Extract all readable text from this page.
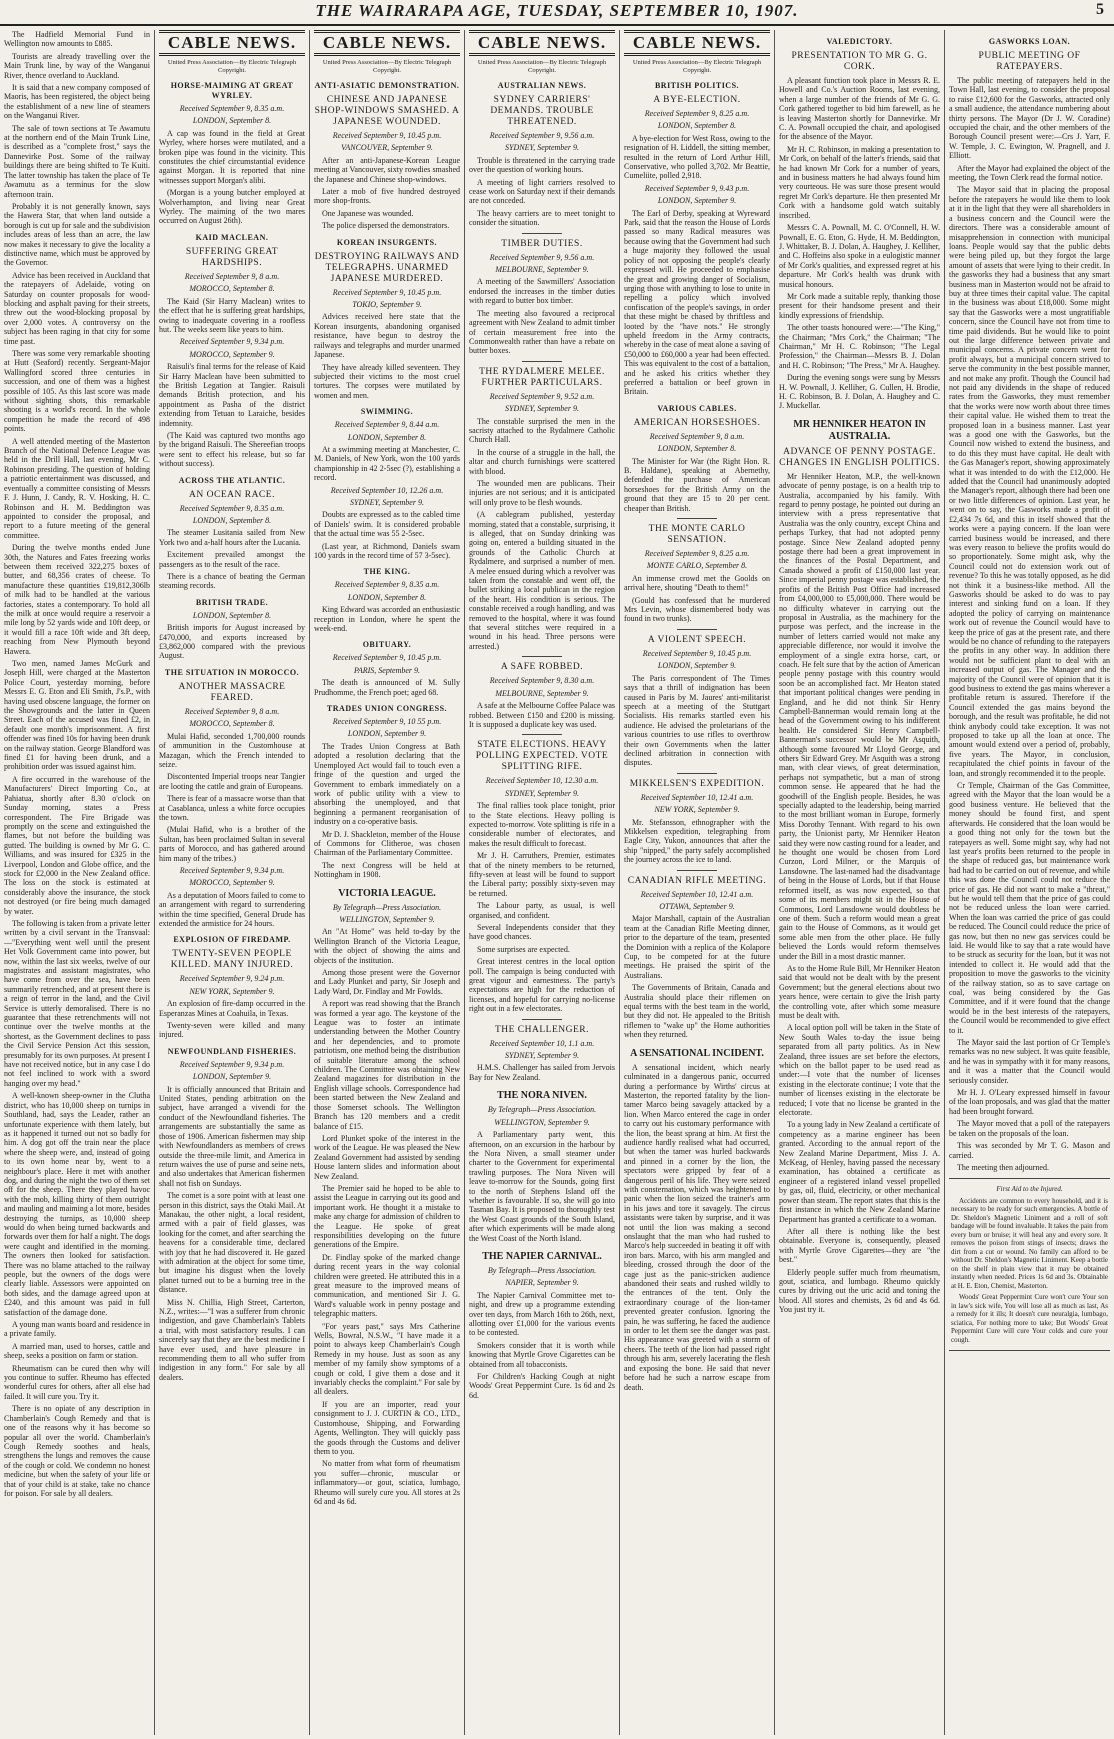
THE WAIRARAPA AGE, TUESDAY, SEPTEMBER 10, 1907.	5

The Hadfield Memorial Fund in Wellington now amounts to £885.

Tourists are already travelling over the Main Trunk line, by way of the Wanganui River, thence overland to Auckland.

It is said that a new company composed of Maoris, has been registered, the object being the establishment of a new line of steamers on the Wanganui River.

The sale of town sections at Te Awamutu at the northern end of the Main Trunk Line, is described as a "complete frost," says the Dannevirke Post. Some of the railway buildings there are being shifted to Te Kuiti. The latter township has taken the place of Te Awamutu as a terminus for the slow afternoon train.

Probably it is not generally known, says the Hawera Star, that when land outside a borough is cut up for sale and the subdivision includes areas of less than an acre, the law now makes it necessary to give the locality a distinctive name, which must be approved by the Governor.

Advice has been received in Auckland that the ratepayers of Adelaide, voting on Saturday on counter proposals for wood-blocking and asphalt paving for their streets, threw out the wood-blocking proposal by over 2,000 votes. A controversy on the subject has been raging in that city for some time past.

There was some very remarkable shooting at Hutt (Seaford) recently. Sergeant-Major Wallingford scored three centuries in succession, and one of them was a highest possible of 105. As this last score was made without sighting shots, this remarkable shooting is a world's record. In the whole competition he made the record of 498 points.

A well attended meeting of the Masterton Branch of the National Defence League was held in the Drill Hall, last evening, Mr C. Robinson presiding. The question of holding a patriotic entertainment was discussed, and eventually a committee consisting of Messrs F. J. Hunn, J. Candy, R. V. Hosking, H. C. Robinson and H. M. Beddington was appointed to consider the proposal, and report to a future meeting of the general committee.

During the twelve months ended June 30th, the Natures and Fates freezing works between them received 322,275 boxes of butter, and 68,356 crates of cheese. To manufacture these quantities £19,812,306lb of milk had to be handled at the various factories, states a contemporary. To hold all the milk at once would require a reservoir a mile long by 52 yards wide and 10ft deep, or it would fill a race 10ft wide and 3ft deep, reaching from New Plymouth beyond Hawera.

Two men, named James McGurk and Joseph Hill, were charged at the Masterton Police Court, yesterday morning, before Messrs E. G. Eton and Eli Smith, J's.P., with having used obscene language, the former on the Showgrounds and the latter in Queen Street. Each of the accused was fined £2, in default one month's imprisonment. A first offender was fined 10s for having been drunk on the railway station. George Blandford was fined £1 for having been drunk, and a prohibition order was issued against him.

A fire occurred in the warehouse of the Manufacturers' Direct Importing Co., at Pahiatua, shortly after 8.30 o'clock on Sunday morning, states a Press correspondent. The Fire Brigade was promptly on the scene and extinguished the flames, but not before the building was gutted. The building is owned by Mr G. C. Williams, and was insured for £325 in the Liverpool, London and Globe office, and the stock for £2,000 in the New Zealand office. The loss on the stock is estimated at considerably above the insurance, the stock not destroyed (or fire being much damaged by water.

The following is taken from a private letter written by a civil servant in the Transvaal:—"Everything went well until the present Het Volk Government came into power, but now, within the last six weeks, twelve of our magistrates and assistant magistrates, who have come from over the sea, have been summarily retrenched, and at present there is a reign of terror in the land, and the Civil Service is utterly demoralised. There is no guarantee that these retrenchments will not continue over the twelve months at the shortest, as the Government declines to pass the Civil Service Pension Act this session, presumably for its own purposes. At present I have not received notice, but in any case I do not feel inclined to work with a sword hanging over my head."

A well-known sheep-owner in the Clutha district, who has 10,000 sheep on turnips in Southland, had, says the Leader, rather an unfortunate experience with them lately, but as it happened it turned out not so badly for him. A dog got off the train near the place where the sheep were, and, instead of going to its own home near by, went to a neighbour's place. Here it met with another dog, and during the night the two of them set off for the sheep. There they played havoc with the mob, killing thirty of them outright and mauling and maiming a lot more, besides destroying the turnips, as 10,000 sheep would do when being turned backwards and forwards over them for half a night. The dogs were caught and identified in the morning. The owners then looked for satisfaction. There was no blame attached to the railway people, but the owners of the dogs were clearly liable. Assessors were appointed on both sides, and the damage agreed upon at £240, and this amount was paid in full satisfaction of the damage done.

A young man wants board and residence in a private family.

A married man, used to horses, cattle and sheep, seeks a position on farm or station.

Rheumatism can be cured then why will you continue to suffer. Rheumo has effected wonderful cures for others, after all else had failed. It will cure you. Try it.

There is no opiate of any description in Chamberlain's Cough Remedy and that is one of the reasons why it has become so popular all over the world. Chamberlain's Cough Remedy soothes and heals, strengthens the lungs and removes the cause of the cough or cold. We condemn no honest medicine, but when the safety of your life or that of your child is at stake, take no chance for poison. For sale by all dealers.

CABLE NEWS.

United Press Association—By Electric Telegraph Copyright.

HORSE-MAIMING AT GREAT WYRLEY.

Received September 9, 8.35 a.m.

LONDON, September 8.

A cap was found in the field at Great Wyrley, where horses were mutilated, and a broken pipe was found in the vicinity. This constitutes the chief circumstantial evidence against Morgan. It is reported that nine witnesses support Morgan's alibi.

(Morgan is a young butcher employed at Wolverhampton, and living near Great Wyrley. The maiming of the two mares occurred on August 26th).

KAID MACLEAN.
SUFFERING GREAT HARDSHIPS.

Received September 9, 8 a.m.

MOROCCO, September 8.

The Kaid (Sir Harry Maclean) writes to the effect that he is suffering great hardships, owing to inadequate covering in a roofless hut. The weeks seem like years to him.

Received September 9, 9.34 p.m.

MOROCCO, September 9.

Raisuli's final terms for the release of Kaid Sir Harry Maclean have been submitted to the British Legation at Tangier. Raisuli demands British protection, and his appointment as Pasha of the district extending from Tetuan to Laraiche, besides indemnity.

(The Kaid was captured two months ago by the brigand Raisuli. The Shereefian troops were sent to effect his release, but so far without success).

ACROSS THE ATLANTIC.
AN OCEAN RACE.

Received September 9, 8.35 a.m.

LONDON, September 8.

The steamer Lusitania sailed from New York two and a-half hours after the Lucania.

Excitement prevailed amongst the passengers as to the result of the race.

There is a chance of beating the German steaming records.

BRITISH TRADE.

LONDON, September 8.

British imports for August increased by £470,000, and exports increased by £3,862,000 compared with the previous August.

THE SITUATION IN MOROCCO.
ANOTHER MASSACRE FEARED.

Received September 9, 8 a.m.

MOROCCO, September 8.

Mulai Hafid, seconded 1,700,000 rounds of ammunition in the Customhouse at Mazagan, which the French intended to seize.

Discontented Imperial troops near Tangier are looting the cattle and grain of Europeans.

There is fear of a massacre worse than that at Casablanca, unless a white force occupies the town.

(Mulai Hafid, who is a brother of the Sultan, has been proclaimed Sultan in several parts of Morocco, and has gathered around him many of the tribes.)

Received September 9, 9.34 p.m.

MOROCCO, September 9.

As a deputation of Moors failed to come to an arrangement with regard to surrendering within the time specified, General Drude has extended the armistice for 24 hours.

EXPLOSION OF FIREDAMP.
TWENTY-SEVEN PEOPLE KILLED. MANY INJURED.

Received September 9, 9.24 p.m.

NEW YORK, September 9.

An explosion of fire-damp occurred in the Esperanzas Mines at Coahuila, in Texas.

Twenty-seven were killed and many injured.

NEWFOUNDLAND FISHERIES.

Received September 9, 9.34 p.m.

LONDON, September 9.

It is officially announced that Britain and United States, pending arbitration on the subject, have arranged a vivendi for the conduct of the Newfoundland fisheries. The arrangements are substantially the same as those of 1906. American fishermen may ship with Newfoundlanders as members of crews outside the three-mile limit, and America in return waives the use of purse and seine nets, and also undertakes that American fishermen shall not fish on Sundays.

The comet is a sore point with at least one person in this district, says the Otaki Mail. At Manakau, the other night, a local resident, armed with a pair of field glasses, was looking for the comet, and after searching the heavens for a considerable time, declared with joy that he had discovered it. He gazed with admiration at the object for some time, but imagine his disgust when the lovely planet turned out to be a burning tree in the distance.

Miss N. Chillia, High Street, Carterton, N.Z., writes:—"I was a sufferer from chronic indigestion, and gave Chamberlain's Tablets a trial, with most satisfactory results. I can sincerely say that they are the best medicine I have ever used, and have pleasure in recommending them to all who suffer from indigestion in any form." For sale by all dealers.

CABLE NEWS.

United Press Association—By Electric Telegraph Copyright.

ANTI-ASIATIC DEMONSTRATION.
CHINESE AND JAPANESE SHOP-WINDOWS SMASHED. A JAPANESE WOUNDED.

Received September 9, 10.45 p.m.

VANCOUVER, September 9.

After an anti-Japanese-Korean League meeting at Vancouver, sixty rowdies smashed the Japanese and Chinese shop-windows.

Later a mob of five hundred destroyed more shop-fronts.

One Japanese was wounded.

The police dispersed the demonstrators.

KOREAN INSURGENTS.
DESTROYING RAILWAYS AND TELEGRAPHS. UNARMED JAPANESE MURDERED.

Received September 9, 10.45 p.m.

TOKIO, September 9.

Advices received here state that the Korean insurgents, abandoning organised resistance, have begun to destroy the railways and telegraphs and murder unarmed Japanese.

They have already killed seventeen. They subjected their victims to the most cruel tortures. The corpses were mutilated by women and men.

SWIMMING.

Received September 9, 8.44 a.m.

LONDON, September 8.

At a swimming meeting at Manchester, C. M. Daniels, of New York, won the 100 yards championship in 42 2-5sec (?), establishing a record.

Received September 10, 12.26 a.m.

SYDNEY, September 9.

Doubts are expressed as to the cabled time of Daniels' swim. It is considered probable that the actual time was 55 2-5sec.

(Last year, at Richmond, Daniels swam 100 yards in the record time of 57 3-5sec).

THE KING.

Received September 9, 8.35 a.m.

LONDON, September 8.

King Edward was accorded an enthusiastic reception in London, where he spent the week-end.

OBITUARY.

Received September 9, 10.45 p.m.

PARIS, September 9.

The death is announced of M. Sully Prudhomme, the French poet; aged 68.

TRADES UNION CONGRESS.

Received September 9, 10 55 p.m.

LONDON, September 9.

The Trades Union Congress at Bath adopted a resolution declaring that the Unemployed Act would fail to touch even a fringe of the question and urged the Government to embark immediately on a work of public utility with a view to absorbing the unemployed, and that beginning a permanent reorganisation of industry on a co-operative basis.

Mr D. J. Shackleton, member of the House of Commons for Clitheroe, was chosen Chairman of the Parliamentary Committee.

The next Congress will be held at Nottingham in 1908.

VICTORIA LEAGUE.

By Telegraph—Press Association.

WELLINGTON, September 9.

An "At Home" was held to-day by the Wellington Branch of the Victoria League, with the object of showing the aims and objects of the institution.

Among those present were the Governor and Lady Plunket and party, Sir Joseph and Lady Ward, Dr. Findlay and Mr Fowlds.

A report was read showing that the Branch was formed a year ago. The keystone of the League was to foster an intimate understanding between the Mother Country and her dependencies, and to promote patriotism, one method being the distribution of suitable literature among the school children. The Committee was obtaining New Zealand magazines for distribution in the English village schools. Correspondence had been started between the New Zealand and those Somerset schools. The Wellington Branch has 120 members and a credit balance of £15.

Lord Plunket spoke of the interest in the work of the League. He was pleased the New Zealand Government had assisted by sending House lantern slides and information about New Zealand.

The Premier said he hoped to be able to assist the League in carrying out its good and important work. He thought it a mistake to make any charge for admission of children to the League. He spoke of great responsibilities developing on the future generations of the Empire.

Dr. Findlay spoke of the marked change during recent years in the way colonial children were greeted. He attributed this in a great measure to the improved means of communication, and mentioned Sir J. G. Ward's valuable work in penny postage and telegraphic matters.

"For years past," says Mrs Catherine Wells, Bowral, N.S.W., "I have made it a point to always keep Chamberlain's Cough Remedy in my house. Just as soon as any member of my family show symptoms of a cough or cold, I give them a dose and it invariably checks the complaint." For sale by all dealers.

If you are an importer, read your consignment to J. J. CURTIN & CO., LTD., Customhouse, Shipping, and Forwarding Agents, Wellington. They will quickly pass the goods through the Customs and deliver them to you.

No matter from what form of rheumatism you suffer—chronic, muscular or inflammatory—or gout, sciatica, lumbago, Rheumo will surely cure you. All stores at 2s 6d and 4s 6d.

CABLE NEWS.

United Press Association—By Electric Telegraph Copyright.

AUSTRALIAN NEWS.
SYDNEY CARRIERS' DEMANDS. TROUBLE THREATENED.

Received September 9, 9.56 a.m.

SYDNEY, September 9.

Trouble is threatened in the carrying trade over the question of working hours.

A meeting of light carriers resolved to cease work on Saturday next if their demands are not conceded.

The heavy carriers are to meet tonight to consider the situation.

TIMBER DUTIES.

Received September 9, 9.56 a.m.

MELBOURNE, September 9.

A meeting of the Sawmillers' Association endorsed the increases in the timber duties with regard to butter box timber.

The meeting also favoured a reciprocal agreement with New Zealand to admit timber of certain measurement free into the Commonwealth rather than have a rebate on butter boxes.

THE RYDALMERE MELEE. FURTHER PARTICULARS.

Received September 9, 9.52 a.m.

SYDNEY, September 9.

The constable surprised the men in the sacristy attached to the Rydalmere Catholic Church Hall.

In the course of a struggle in the hall, the altar and church furnishings were scattered with blood.

The wounded men are publicans. Their injuries are not serious; and it is anticipated will only prove to be flesh wounds.

(A cablegram published, yesterday morning, stated that a constable, surprising, it is alleged, that on Sunday drinking was going on, entered a building situated in the grounds of the Catholic Church at Rydalmere, and surprised a number of men. A melee ensued during which a revolver was taken from the constable and went off, the bullet striking a local publican in the region of the heart. His condition is serious. The constable received a rough handling, and was removed to the hospital, where it was found that several stitches were required in a wound in his head. Three persons were arrested.)

A SAFE ROBBED.

Received September 9, 8.30 a.m.

MELBOURNE, September 9.

A safe at the Melbourne Coffee Palace was robbed. Between £150 and £200 is missing. It is supposed a duplicate key was used.

STATE ELECTIONS. HEAVY POLLING EXPECTED. VOTE SPLITTING RIFE.

Received September 10, 12.30 a.m.

SYDNEY, September 9.

The final rallies took place tonight, prior to the State elections. Heavy polling is expected to-morrow. Vote splitting is rife in a considerable number of electorates, and makes the result difficult to forecast.

Mr J. H. Carruthers, Premier, estimates that of the ninety members to be returned, fifty-seven at least will be found to support the Liberal party; possibly sixty-seven may be returned.

The Labour party, as usual, is well organised, and confident.

Several Independents consider that they have good chances.

Some surprises are expected.

Great interest centres in the local option poll. The campaign is being conducted with great vigour and earnestness. The party's expectations are high for the reduction of licenses, and hopeful for carrying no-license right out in a few electorates.

THE CHALLENGER.

Received September 10, 1.1 a.m.

SYDNEY, September 9.

H.M.S. Challenger has sailed from Jervois Bay for New Zealand.

THE NORA NIVEN.

By Telegraph—Press Association.

WELLINGTON, September 9.

A Parliamentary party went, this afternoon, on an excursion in the harbour by the Nora Niven, a small steamer under charter to the Government for experimental trawling purposes. The Nora Niven will leave to-morrow for the Sounds, going first to the north of Stephens Island off the whether is favourable. If so, she will go into Tasman Bay. It is proposed to thoroughly test the West Coast grounds of the South Island, after which experiments will be made along the West Coast of the North Island.

THE NAPIER CARNIVAL.

By Telegraph—Press Association.

NAPIER, September 9.

The Napier Carnival Committee met to-night, and drew up a programme extending over ten days, from March 16th to 26th, next, allotting over £1,000 for the various events to be contested.

Smokers consider that it is worth while knowing that Myrtle Grove Cigarettes can be obtained from all tobacconists.

For Children's Hacking Cough at night Woods' Great Peppermint Cure. 1s 6d and 2s 6d.

CABLE NEWS.

United Press Association—By Electric Telegraph Copyright.

BRITISH POLITICS.
A BYE-ELECTION.

Received September 9, 8.25 a.m.

LONDON, September 8.

A bye-election for West Ross, owing to the resignation of H. Liddell, the sitting member, resulted in the return of Lord Arthur Hill, Conservative, who polled 3,702. Mr Beattie, Cumeliite, polled 2,918.

Received September 9, 9.43 p.m.

LONDON, September 9.

The Earl of Derby, speaking at Wyreward Park, said that the reason the House of Lords passed so many Radical measures was because owing that the Government had such a huge majority they followed the usual policy of not opposing the people's clearly expressed will. He proceeded to emphasise the great and growing danger of Socialism, urging those with anything to lose to unite in repelling a policy which involved confiscation of the people's savings, in order that these might be chased by thriftless and looted by the "have nots." He strongly upheld freedom in the Army contracts, whereby in the case of meat alone a saving of £50,000 to £60,000 a year had been effected. This was equivalent to the cost of a battalion, and he asked his critics whether they preferred a battalion or beef grown in Britain.

VARIOUS CABLES.
AMERICAN HORSESHOES.

Received September 9, 8 a.m.

LONDON, September 8.

The Minister for War (the Right Hon. R. B. Haldane), speaking at Abernethy, defended the purchase of American horseshoes for the British Army on the ground that they are 15 to 20 per cent. cheaper than British.

THE MONTE CARLO SENSATION.

Received September 9, 8.25 a.m.

MONTE CARLO, September 8.

An immense crowd met the Goolds on arrival here, shouting "Death to them!"

(Gould has confessed that he murdered Mrs Levin, whose dismembered body was found in two trunks).

A VIOLENT SPEECH.

Received September 9, 10.45 p.m.

LONDON, September 9.

The Paris correspondent of The Times says that a thrill of indignation has been caused in Paris by M. Jaures' anti-militarist speech at a meeting of the Stuttgart Socialists. His remarks startled even his audience. He advised the proletarians of the various countries to use rifles to overthrow their own Governments when the latter declined arbitration in connection with disputes.

MIKKELSEN'S EXPEDITION.

Received September 10, 12.41 a.m.

NEW YORK, September 9.

Mr. Stefansson, ethnographer with the Mikkelsen expedition, telegraphing from Eagle City, Yukon, announces that after the ship "nipped," the party safely accomplished the journey across the ice to land.

CANADIAN RIFLE MEETING.

Received September 10, 12.41 a.m.

OTTAWA, September 9.

Major Marshall, captain of the Australian team at the Canadian Rifle Meeting dinner, prior to the departure of the team, presented the Dominion with a replica of the Kolapore Cup, to be competed for at the future meetings. He praised the spirit of the Australians.

The Governments of Britain, Canada and Australia should place their riflemen on equal terms with the best team in the world, but they did not. He appealed to the British riflemen to "wake up" the Home authorities when they returned.

A SENSATIONAL INCIDENT.

A sensational incident, which nearly culminated in a dangerous panic, occurred during a performance by Wirths' circus at Masterton, the reported fatality by the lion-tamer Marco being savagely attacked by a lion. When Marco entered the cage in order to carry out his customary performance with the lion, the beast sprang at him. At first the audience hardly realised what had occurred, but when the tamer was hurled backwards and pinned in a corner by the lion, the spectators were gripped by fear of a dangerous peril of his life. They were seized with consternation, which was heightened to panic when the lion seized the trainer's arm in his jaws and tore it savagely. The circus assistants were taken by surprise, and it was not until the lion was making a second onslaught that the man who had rushed to Marco's help succeeded in beating it off with iron bars. Marco, with his arm mangled and bleeding, crossed through the door of the cage just as the panic-stricken audience abandoned their seats and rushed wildly to the entrances of the tent. Only the extraordinary courage of the lion-tamer prevented greater confusion. Ignoring the pain, he was suffering, he faced the audience in order to let them see the danger was past. His appearance was greeted with a storm of cheers. The teeth of the lion had passed right through his arm, severely lacerating the flesh and exposing the bone. He said that never before had he such a narrow escape from death.

VALEDICTORY.
PRESENTATION TO MR G. G. CORK.

A pleasant function took place in Messrs R. E. Howell and Co.'s Auction Rooms, last evening, when a large number of the friends of Mr G. G. Cork gathered together to bid him farewell, as he is leaving Masterton shortly for Dannevirke. Mr C. A. Pownall occupied the chair, and apologised for the absence of the Mayor.

Mr H. C. Robinson, in making a presentation to Mr Cork, on behalf of the latter's friends, said that he had known Mr Cork for a number of years, and in business matters he had always found him very courteous. He was sure those present would regret Mr Cork's departure. He then presented Mr Cork with a handsome gold watch suitably inscribed.

Messrs C. A. Pownall, M. C. O'Connell, H. W. Pownall, E. G. Eton, G. Hyde, H. M. Beddington, J. Whittaker, B. J. Dolan, A. Haughey, J. Kelliher, and C. Hoffeins also spoke in a eulogistic manner of Mr Cork's qualities, and expressed regret at his departure. Mr Cork's health was drunk with musical honours.

Mr Cork made a suitable reply, thanking those present for their handsome present and their kindly expressions of friendship.

The other toasts honoured were:—"The King," the Chairman; "Mrs Cork," the Chairman; "The Chairman," Mr H. C. Robinson; "The Legal Profession," the Chairman—Messrs B. J. Dolan and H. C. Robinson; "The Press," Mr A. Haughey.

During the evening songs were sung by Messrs H. W. Pownall, J. Kelliher, G. Cullen, H. Brodie, H. C. Robinson, B. J. Dolan, A. Haughey and C. J. Muckellar.

MR HENNIKER HEATON IN AUSTRALIA.
ADVANCE OF PENNY POSTAGE. CHANGES IN ENGLISH POLITICS.

Mr Henniker Heaton, M.P., the well-known advocate of penny postage, is on a health trip to Australia, accompanied by his family. With regard to penny postage, he pointed out during an interview with a press representative that Australia was the only country, except China and perhaps Turkey, that had not adopted penny postage. Since New Zealand adopted penny postage there had been a great improvement in the finances of the Postal Department, and Canada showed a profit of £150,000 last year. Since imperial penny postage was established, the profits of the British Post Office had increased from £4,000,000 to £5,000,000. There would be no difficulty whatever in carrying out the proposal in Australia, as the machinery for the purpose was perfect, and the increase in the number of letters carried would not make any appreciable difference, nor would it involve the employment of a single extra horse, cart, or coach. He felt sure that by the action of American people penny postage with this country would soon be an accomplished fact. Mr Heaton stated that important political changes were pending in England, and he did not think Sir Henry Campbell-Bannerman would remain long at the head of the Government owing to his indifferent health. He considered Sir Henry Campbell-Bannerman's successor would be Mr Asquith, although some favoured Mr Lloyd George, and others Sir Edward Grey. Mr Asquith was a strong man, with clear views, of great determination, perhaps not sympathetic, but a man of strong common sense. He appeared that he had the goodwill of the English people. Besides, he was specially adapted to the leadership, being married to the most brilliant woman in Europe, formerly Miss Dorothy Tennant. With regard to his own party, the Unionist party, Mr Henniker Heaton said they were now casting round for a leader, and he thought one would be chosen from Lord Curzon, Lord Milner, or the Marquis of Lansdowne. The last-named had the disadvantage of being in the House of Lords, but if that House reformed itself, as was now expected, so that some of its members might sit in the House of Commons, Lord Lansdowne would doubtless be one of them. Such a reform would mean a great gain to the House of Commons, as it would get some able men from the other place. He fully believed the Lords would reform themselves under the Bill in a most drastic manner.

As to the Home Rule Bill, Mr Henniker Heaton said that would not be dealt with by the present Government; but the general elections about two years hence, were certain to give the Irish party the controlling vote, after which some measure must be dealt with.

A local option poll will be taken in the State of New South Wales to-day the issue being separated from all party politics. As in New Zealand, three issues are set before the electors, which on the ballot paper to be used read as under:—I vote that the number of licenses existing in the electorate continue; I vote that the number of licenses existing in the electorate be reduced; I vote that no license be granted in the electorate.

To a young lady in New Zealand a certificate of competency as a marine engineer has been granted. According to the annual report of the New Zealand Marine Department, Miss J. A. McKeag, of Henley, having passed the necessary examination, has obtained a certificate as engineer of a registered inland vessel propelled by gas, oil, fluid, electricity, or other mechanical power than steam. The report states that this is the first instance in which the New Zealand Marine Department has granted a certificate to a woman.

After all there is nothing like the best obtainable. Everyone is, consequently, pleased with Myrtle Grove Cigarettes—they are "the best."

Elderly people suffer much from rheumatism, gout, sciatica, and lumbago. Rheumo quickly cures by driving out the uric acid and toning the blood. All stores and chemists, 2s 6d and 4s 6d. You just try it.

GASWORKS LOAN.
PUBLIC MEETING OF RATEPAYERS.

The public meeting of ratepayers held in the Town Hall, last evening, to consider the proposal to raise £12,600 for the Gasworks, attracted only a small audience, the attendance numbering about thirty persons. The Mayor (Dr J. W. Coradine) occupied the chair, and the other members of the Borough Council present were:—Crs J. Yarr, F. W. Temple, J. C. Ewington, W. Pragnell, and J. Elliott.

After the Mayor had explained the object of the meeting, the Town Clerk read the formal notice.

The Mayor said that in placing the proposal before the ratepayers he would like them to look at it in the light that they were all shareholders in a business concern and the Council were the directors. There was a considerable amount of misapprehension in connection with municipal loans. People would say that the public debts were being piled up, but they forgot the large amount of assets that were lying to their credit. In the gasworks they had a business that any smart business man in Masterton would not be afraid to buy at three times their capital value. The capital in the business was about £18,000. Some might say that the Gasworks were a most ungratifiable concern, since the Council have not from time to time paid dividends. But he would like to point out the large difference between private and municipal concerns. A private concern went for profit always, but a municipal concern strived to serve the community in the best possible manner, and not make any profit. Though the Council had not paid any dividends in the shape of reduced rates from the Gasworks, they must remember that the works were now worth about three times their capital value. He wished them to treat the proposed loan in a business manner. Last year was a good one with the Gasworks, but the Council now wished to extend the business, and to do this they must have capital. He dealt with the Gas Manager's report, showing approximately what it was intended to do with the £12,000. He added that the Council had unanimously adopted the Manager's report, although there had been one or two little differences of opinion. Last year, he went on to say, the Gasworks made a profit of £2,434 7s 6d, and this in itself showed that the works were a paying concern. If the loan were carried business would be increased, and there was every reason to believe the profits would do so proportionately. Some might ask, why the Council could not do extension work out of revenue? To this he was totally opposed, as he did not think it a business-like method. All the Gasworks should be asked to do was to pay interest and sinking fund on a loan. If they adopted the policy of carrying on maintenance work out of revenue the Council would have to keep the price of gas at the present rate, and there would be no chance of refunding to the ratepayers the profits in any other way. In addition there would not be sufficient plant to deal with an increased output of gas. The Manager and the majority of the Council were of opinion that it is good business to extend the gas mains wherever a profitable return is assured. Therefore if the Council extended the gas mains beyond the borough, and the result was profitable, he did not think anybody could take exception. It was not proposed to take up all the loan at once. The amount would extend over a period of, probably, five years. The Mayor, in conclusion, recapitulated the chief points in favour of the loan, and strongly recommended it to the people.

Cr Temple, Chairman of the Gas Committee, agreed with the Mayor that the loan would be a good business venture. He believed that the money should be found first, and spent afterwards. He considered that the loan would be a good thing not only for the town but the ratepayers as well. Some might say, why had not last year's profits been returned to the people in the shape of reduced gas, but maintenance work had had to be carried on out of revenue, and while this was done the Council could not reduce the price of gas. He did not want to make a "threat," but he would tell them that the price of gas could not be reduced unless the loan were carried. When the loan was carried the price of gas could be reduced. The Council could reduce the price of gas now, but then no new gas services could be laid. He would like to say that a rate would have to be struck as security for the loan, but it was not intended to collect it. He would add that the proposition to move the gasworks to the vicinity of the railway station, so as to save cartage on coal, was being considered by the Gas Committee, and if it were found that the change would be in the best interests of the ratepayers, the Council would be recommended to give effect to it.

The Mayor said the last portion of Cr Temple's remarks was no new subject. It was quite feasible, and he was in sympathy with it for many reasons, and it was a matter that the Council would seriously consider.

Mr H. J. O'Leary expressed himself in favour of the loan proposals, and was glad that the matter had been brought forward.

The Mayor moved that a poll of the ratepayers be taken on the proposals of the loan.

This was seconded by Mr T. G. Mason and carried.

The meeting then adjourned.

First Aid to the Injured.

Accidents are common to every household, and it is necessary to be ready for such emergencies. A bottle of Dr. Sheldon's Magnetic Liniment and a roll of soft bandage will be found invaluable. It takes the pain from every burn or bruise; it will heal any and every sore. It removes the poison from stings of insects; draws the dirt from a cut or wound. No family can afford to be without Dr. Sheldon's Magnetic Liniment. Keep a bottle on the shelf in plain view that it may be obtained instantly when needed. Prices 1s 6d and 3s. Obtainable at H. E. Eton, Chemist, Masterton.

Woods' Great Peppermint Cure won't cure Your son in law's sick wife, You will lose all as much as last, As a remedy for it ills; It doesn't cure neuralgia, lumbago, sciatica, For nothing more to take; But Woods' Great Peppermint Cure will cure Your colds and cure your cough.
